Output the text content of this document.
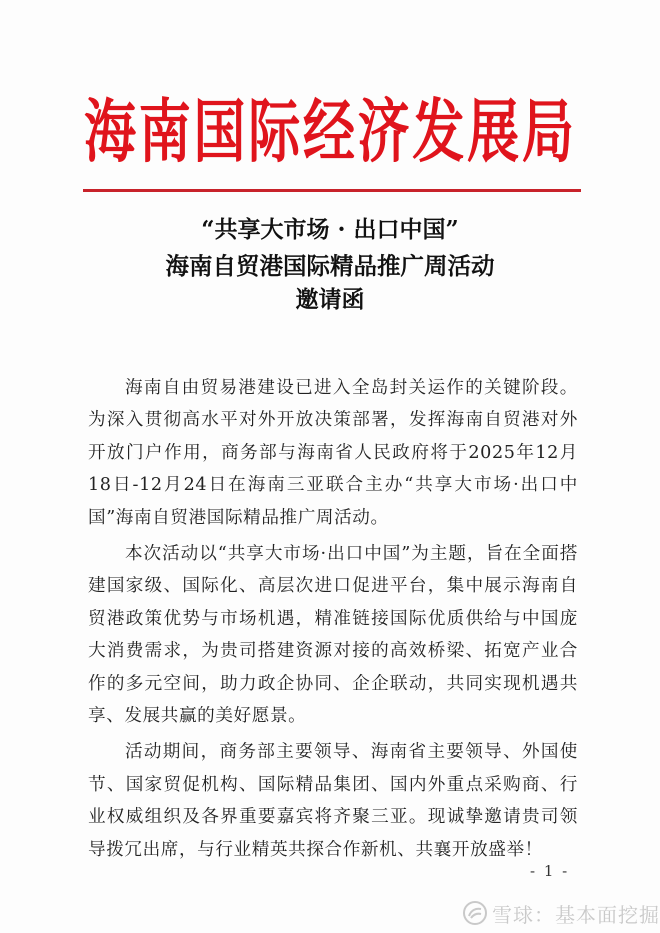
海 南 国 际 经 济 发 展 局
“共享大市场 · 出口中国”
海南自贸港国际精品推广周活动
邀请函

海南自由贸易港建设已进入全岛封关运作的关键阶段。为深入贯彻高水平对外开放决策部署，发挥海南自贸港对外开放门户作用，商务部与海南省人民政府将于2025年12月18日-12月24日在海南三亚联合主办“共享大市场·出口中国”海南自贸港国际精品推广周活动。

本次活动以“共享大市场·出口中国”为主题，旨在全面搭建国家级、国际化、高层次进口促进平台，集中展示海南自贸港政策优势与市场机遇，精准链接国际优质供给与中国庞大消费需求，为贵司搭建资源对接的高效桥梁、拓宽产业合作的多元空间，助力政企协同、企企联动，共同实现机遇共享、发展共赢的美好愿景。

活动期间，商务部主要领导、海南省主要领导、外国使节、国家贸促机构、国际精品集团、国内外重点采购商、行业权威组织及各界重要嘉宾将齐聚三亚。现诚挚邀请贵司领导拨冗出席，与行业精英共探合作新机、共襄开放盛举！

- 1 -
雪球：基本面挖掘
